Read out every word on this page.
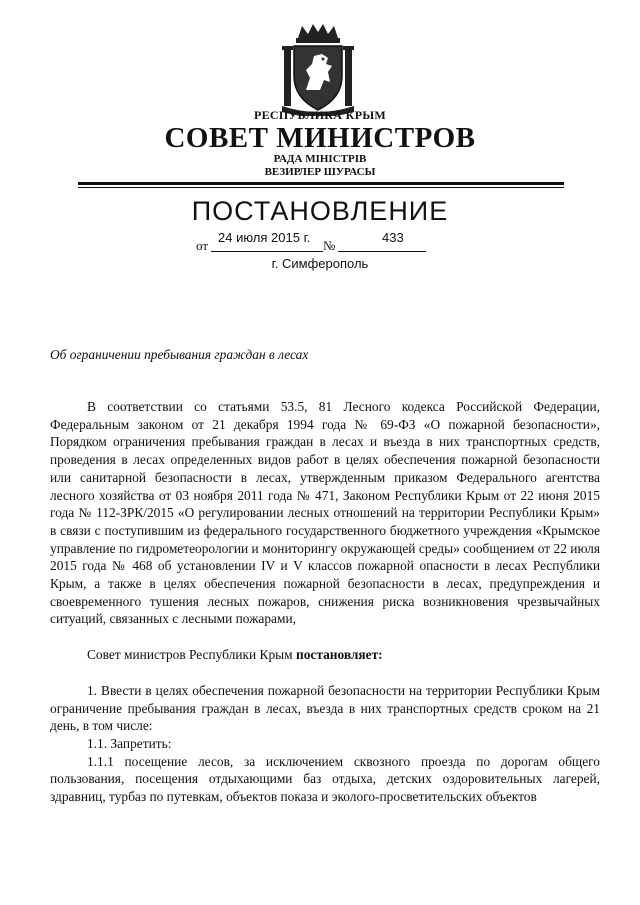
РЕСПУБЛИКА КРЫМ
СОВЕТ МИНИСТРОВ
РАДА МІНІСТРІВ
ВЕЗИРЛЕР ШУРАСЫ
ПОСТАНОВЛЕНИЕ
от
24 июля 2015 г.
№
433
г. Симферополь
Об ограничении пребывания граждан в лесах

В соответствии со статьями 53.5, 81 Лесного кодекса Российской Федерации, Федеральным законом от 21 декабря 1994 года № 69-ФЗ «О пожарной безопасности», Порядком ограничения пребывания граждан в лесах и въезда в них транспортных средств, проведения в лесах определенных видов работ в целях обеспечения пожарной безопасности или санитарной безопасности в лесах, утвержденным приказом Федерального агентства лесного хозяйства от 03 ноября 2011 года № 471, Законом Республики Крым от 22 июня 2015 года № 112-ЗРК/2015 «О регулировании лесных отношений на территории Республики Крым» в связи с поступившим из федерального государственного бюджетного учреждения «Крымское управление по гидрометеорологии и мониторингу окружающей среды» сообщением от 22 июля 2015 года № 468 об установлении IV и V классов пожарной опасности в лесах Республики Крым, а также в целях обеспечения пожарной безопасности в лесах, предупреждения и своевременного тушения лесных пожаров, снижения риска возникновения чрезвычайных ситуаций, связанных с лесными пожарами,

Совет министров Республики Крым постановляет:

1. Ввести в целях обеспечения пожарной безопасности на территории Республики Крым ограничение пребывания граждан в лесах, въезда в них транспортных средств сроком на 21 день, в том числе:

1.1. Запретить:

1.1.1 посещение лесов, за исключением сквозного проезда по дорогам общего пользования, посещения отдыхающими баз отдыха, детских оздоровительных лагерей, здравниц, турбаз по путевкам, объектов показа и эколого-просветительских объектов
